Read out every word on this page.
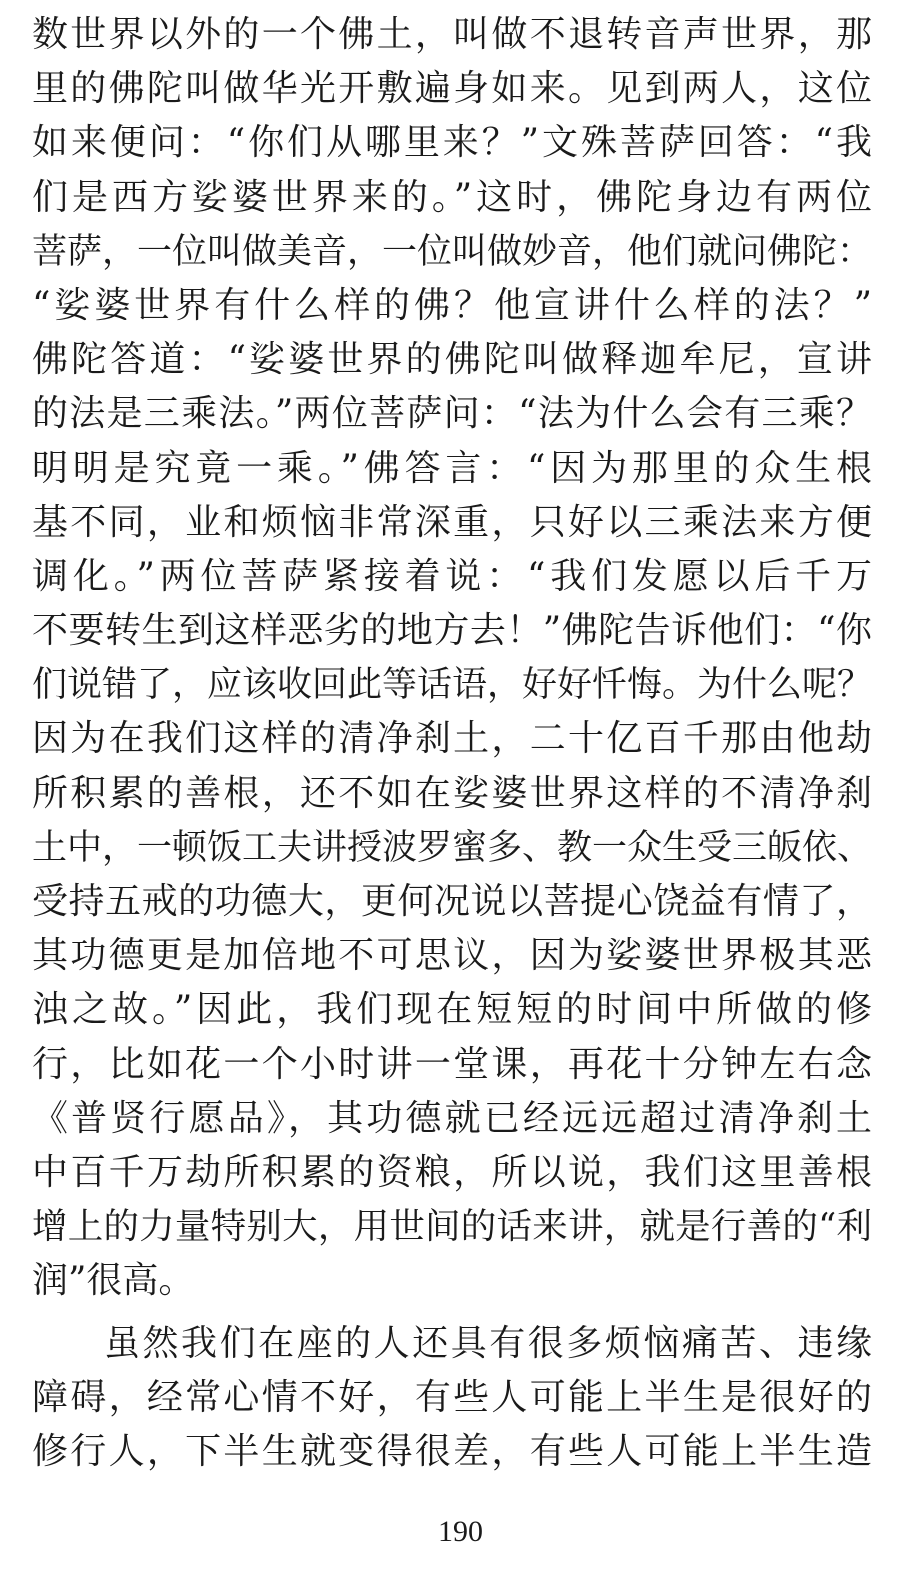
数世界以外的一个佛土，叫做不退转音声世界，那
里的佛陀叫做华光开敷遍身如来。见到两人，这位
如来便问：“你们从哪里来？”文殊菩萨回答：“我
们是西方娑婆世界来的。”这时，佛陀身边有两位
菩萨，一位叫做美音，一位叫做妙音，他们就问佛陀：
“娑婆世界有什么样的佛？他宣讲什么样的法？”
佛陀答道：“娑婆世界的佛陀叫做释迦牟尼，宣讲
的法是三乘法。”两位菩萨问：“法为什么会有三乘？
明明是究竟一乘。”佛答言：“因为那里的众生根
基不同，业和烦恼非常深重，只好以三乘法来方便
调化。”两位菩萨紧接着说：“我们发愿以后千万
不要转生到这样恶劣的地方去！”佛陀告诉他们：“你
们说错了，应该收回此等话语，好好忏悔。为什么呢？
因为在我们这样的清净刹土，二十亿百千那由他劫
所积累的善根，还不如在娑婆世界这样的不清净刹
土中，一顿饭工夫讲授波罗蜜多、教一众生受三皈依、
受持五戒的功德大，更何况说以菩提心饶益有情了，
其功德更是加倍地不可思议，因为娑婆世界极其恶
浊之故。”因此，我们现在短短的时间中所做的修
行，比如花一个小时讲一堂课，再花十分钟左右念
《普贤行愿品》，其功德就已经远远超过清净刹土
中百千万劫所积累的资粮，所以说，我们这里善根
增上的力量特别大，用世间的话来讲，就是行善的“利
润”很高。
虽然我们在座的人还具有很多烦恼痛苦、违缘
障碍，经常心情不好，有些人可能上半生是很好的
修行人，下半生就变得很差，有些人可能上半生造
190
